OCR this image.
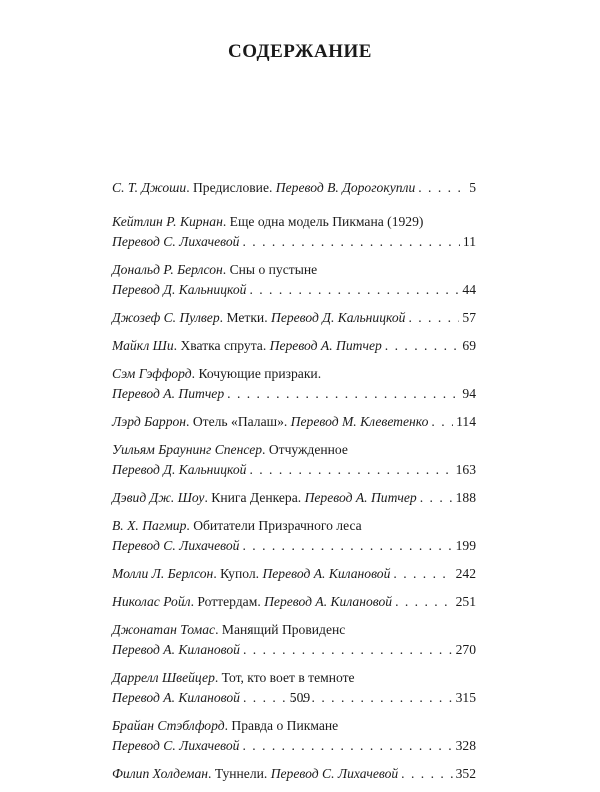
СОДЕРЖАНИЕ
С. Т. Джоши. Предисловие. Перевод В. Дорогокупли . . .	5
Кейтлин Р. Кирнан. Еще одна модель Пикмана (1929)
Перевод С. Лихачевой . . .	11
Дональд Р. Берлсон. Сны о пустыне
Перевод Д. Кальницкой . . .	44
Джозеф С. Пулвер. Метки. Перевод Д. Кальницкой . . .	57
Майкл Ши. Хватка спрута. Перевод А. Питчер . . .	69
Сэм Гэффорд. Кочующие призраки.
Перевод А. Питчер . . .	94
Лэрд Баррон. Отель «Палаш». Перевод М. Клеветенко . . . 114
Уильям Браунинг Спенсер. Отчужденное
Перевод Д. Кальницкой . . .	163
Дэвид Дж. Шоу. Книга Денкера. Перевод А. Питчер . . .	188
В. Х. Пагмир. Обитатели Призрачного леса
Перевод С. Лихачевой . . .	199
Молли Л. Берлсон. Купол. Перевод А. Килановой . . .	242
Николас Ройл. Роттердам. Перевод А. Килановой . . .	251
Джонатан Томас. Манящий Провиденс
Перевод А. Килановой . . .	270
Даррелл Швейцер. Тот, кто воет в темноте
Перевод А. Килановой . . .	315
Брайан Стэблфорд. Правда о Пикмане
Перевод С. Лихачевой . . .	328
Филип Холдеман. Туннели. Перевод С. Лихачевой . . .	352
509
